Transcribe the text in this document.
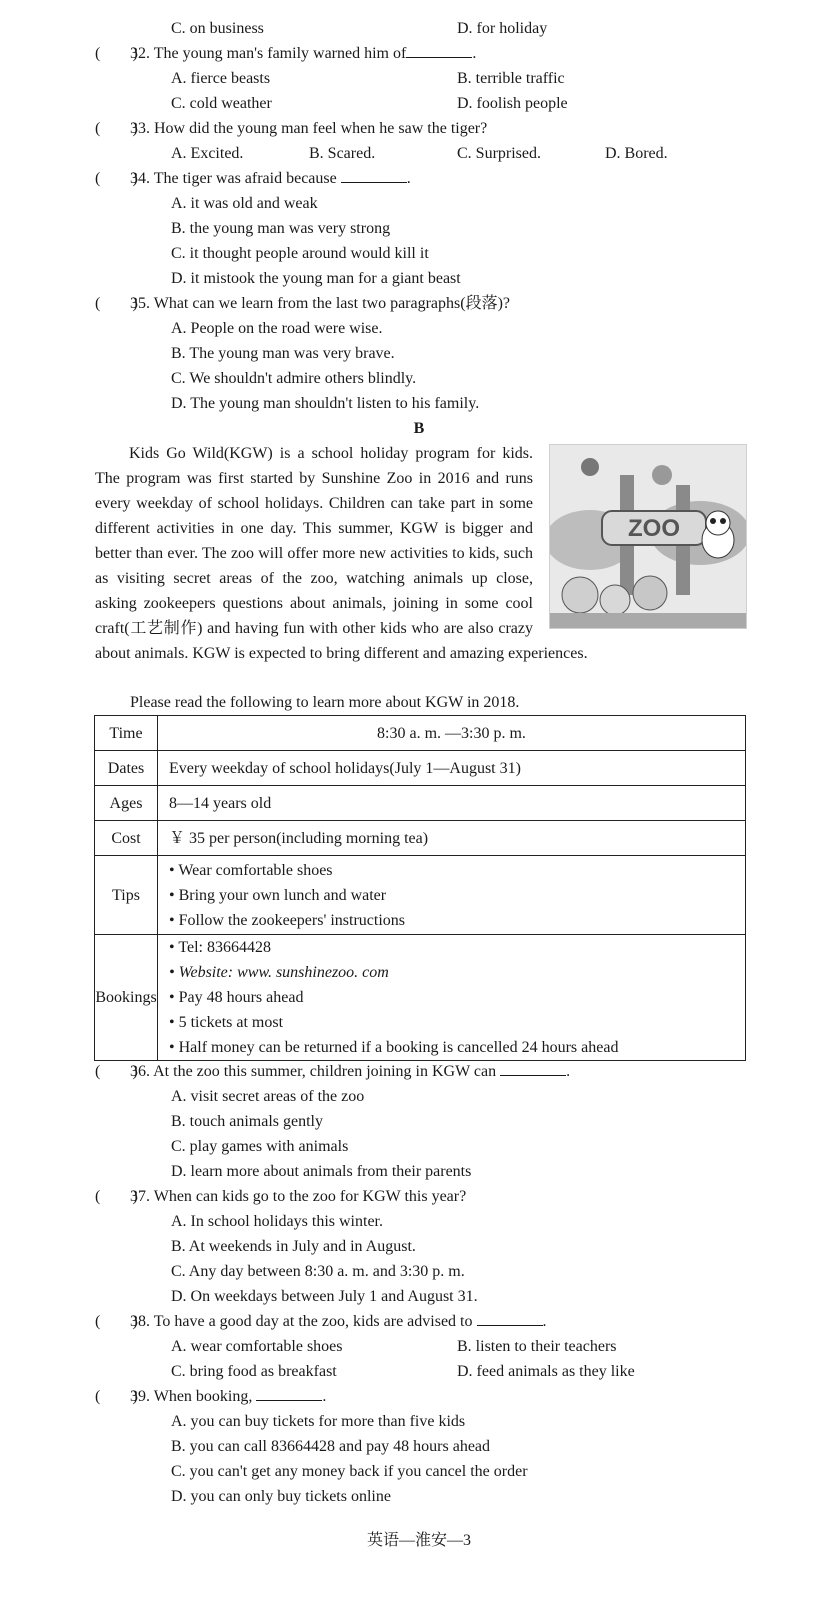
C. on business	D. for holiday
(　　)
32. The young man's family warned him of	.
A. fierce beasts	B. terrible traffic
C. cold weather	D. foolish people
(　　)
33. How did the young man feel when he saw the tiger?
A. Excited.	B. Scared.	C. Surprised.	D. Bored.
(　　)
34. The tiger was afraid because	.
A. it was old and weak
B. the young man was very strong
C. it thought people around would kill it
D. it mistook the young man for a giant beast
(　　)
35. What can we learn from the last two paragraphs(段落)?
A. People on the road were wise.
B. The young man was very brave.
C. We shouldn't admire others blindly.
D. The young man shouldn't listen to his family.
B
ZOO
Kids Go Wild(KGW) is a school holiday program for kids. The program was first started by Sunshine Zoo in 2016 and runs every weekday of school holidays. Children can take part in some different activities in one day. This summer, KGW is bigger and better than ever. The zoo will offer more new activities to kids, such as visiting secret areas of the zoo, watching animals up close, asking zookeepers questions about animals, joining in some cool craft(工艺制作) and having fun with other kids who are also crazy about animals. KGW is expected to bring different and amazing experiences.
Please read the following to learn more about KGW in 2018.
Time	8:30 a. m. —3:30 p. m.
Dates	Every weekday of school holidays(July 1—August 31)
Ages	8—14 years old
Cost	￥ 35 per person(including morning tea)
Tips	• Wear comfortable shoes
• Bring your own lunch and water
• Follow the zookeepers' instructions

Bookings	• Tel: 83664428
• Website: www. sunshinezoo. com
• Pay 48 hours ahead
• 5 tickets at most
• Half money can be returned if a booking is cancelled 24 hours ahead
(　　)
36. At the zoo this summer, children joining in KGW can	.
A. visit secret areas of the zoo
B. touch animals gently
C. play games with animals
D. learn more about animals from their parents
(　　)
37. When can kids go to the zoo for KGW this year?
A. In school holidays this winter.
B. At weekends in July and in August.
C. Any day between 8:30 a. m. and 3:30 p. m.
D. On weekdays between July 1 and August 31.
(　　)
38. To have a good day at the zoo, kids are advised to	.
A. wear comfortable shoes	B. listen to their teachers
C. bring food as breakfast	D. feed animals as they like
(　　)
39. When booking,	.
A. you can buy tickets for more than five kids
B. you can call 83664428 and pay 48 hours ahead
C. you can't get any money back if you cancel the order
D. you can only buy tickets online
英语—淮安—3
